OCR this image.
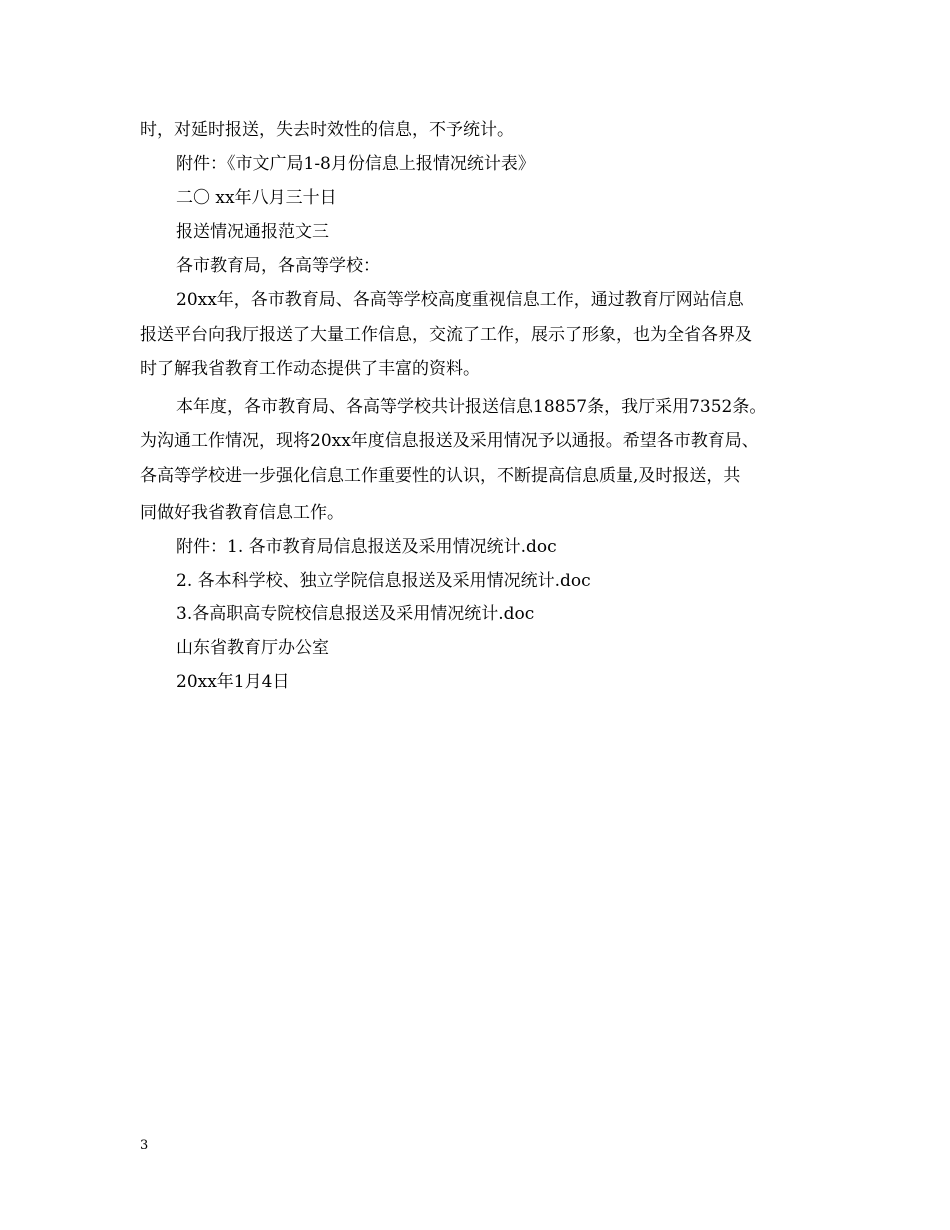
时，对延时报送，失去时效性的信息，不予统计。
附件：《市文广局1-8月份信息上报情况统计表》
二〇 xx年八月三十日
报送情况通报范文三
各市教育局，各高等学校：
20xx年，各市教育局、各高等学校高度重视信息工作，通过教育厅网站信息
报送平台向我厅报送了大量工作信息，交流了工作，展示了形象，也为全省各界及
时了解我省教育工作动态提供了丰富的资料。
本年度，各市教育局、各高等学校共计报送信息18857条，我厅采用7352条。
为沟通工作情况，现将20xx年度信息报送及采用情况予以通报。希望各市教育局、
各高等学校进一步强化信息工作重要性的认识，不断提高信息质量,及时报送，共
同做好我省教育信息工作。
附件：1. 各市教育局信息报送及采用情况统计.doc
2. 各本科学校、独立学院信息报送及采用情况统计.doc
3.各高职高专院校信息报送及采用情况统计.doc
山东省教育厅办公室
20xx年1月4日
3
